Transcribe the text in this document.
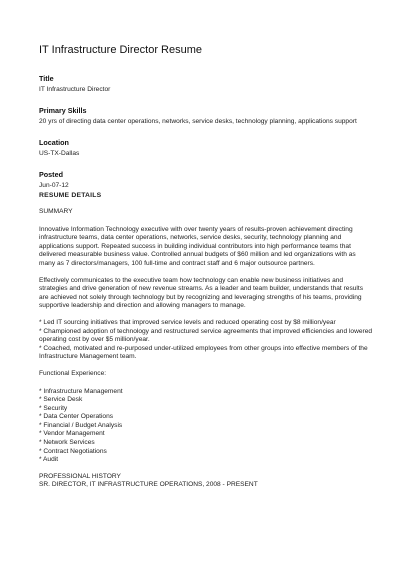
IT Infrastructure Director Resume
Title
IT Infrastructure Director
Primary Skills
20 yrs of directing data center operations, networks, service desks, technology planning, applications support
Location
US-TX-Dallas
Posted
Jun-07-12
RESUME DETAILS
SUMMARY

Innovative Information Technology executive with over twenty years of results-proven achievement directing infrastructure teams, data center operations, networks, service desks, security, technology planning and applications support. Repeated success in building individual contributors into high performance teams that delivered measurable business value. Controlled annual budgets of $60 million and led organizations with as many as 7 directors/managers, 100 full-time and contract staff and 6 major outsource partners.

Effectively communicates to the executive team how technology can enable new business initiatives and strategies and drive generation of new revenue streams. As a leader and team builder, understands that results are achieved not solely through technology but by recognizing and leveraging strengths of his teams, providing supportive leadership and direction and allowing managers to manage.

* Led IT sourcing initiatives that improved service levels and reduced operating cost by $8 million/year
* Championed adoption of technology and restructured service agreements that improved efficiencies and lowered operating cost by over $5 million/year.
* Coached, motivated and re-purposed under-utilized employees from other groups into effective members of the Infrastructure Management team.
Functional Experience:
* Infrastructure Management
* Service Desk
* Security
* Data Center Operations
* Financial / Budget Analysis
* Vendor Management
* Network Services
* Contract Negotiations
* Audit
PROFESSIONAL HISTORY
SR. DIRECTOR, IT INFRASTRUCTURE OPERATIONS, 2008 - PRESENT
